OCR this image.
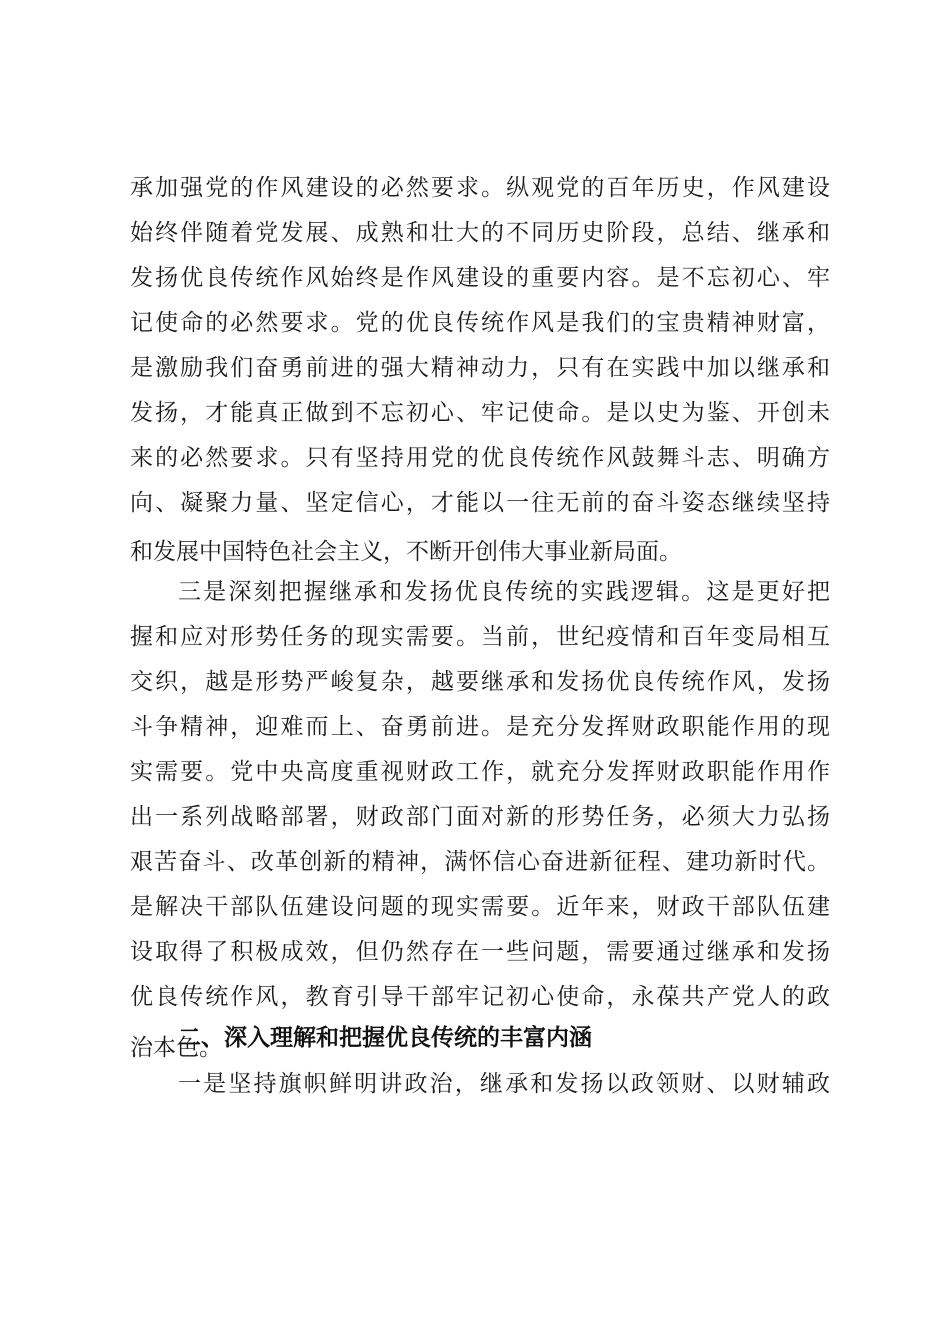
承加强党的作风建设的必然要求。纵观党的百年历史，作风建设
始终伴随着党发展、成熟和壮大的不同历史阶段，总结、继承和
发扬优良传统作风始终是作风建设的重要内容。是不忘初心、牢
记使命的必然要求。党的优良传统作风是我们的宝贵精神财富，
是激励我们奋勇前进的强大精神动力，只有在实践中加以继承和
发扬，才能真正做到不忘初心、牢记使命。是以史为鉴、开创未
来的必然要求。只有坚持用党的优良传统作风鼓舞斗志、明确方
向、凝聚力量、坚定信心，才能以一往无前的奋斗姿态继续坚持
和发展中国特色社会主义，不断开创伟大事业新局面。
三是深刻把握继承和发扬优良传统的实践逻辑。这是更好把
握和应对形势任务的现实需要。当前，世纪疫情和百年变局相互
交织，越是形势严峻复杂，越要继承和发扬优良传统作风，发扬
斗争精神，迎难而上、奋勇前进。是充分发挥财政职能作用的现
实需要。党中央高度重视财政工作，就充分发挥财政职能作用作
出一系列战略部署，财政部门面对新的形势任务，必须大力弘扬
艰苦奋斗、改革创新的精神，满怀信心奋进新征程、建功新时代。
是解决干部队伍建设问题的现实需要。近年来，财政干部队伍建
设取得了积极成效，但仍然存在一些问题，需要通过继承和发扬
优良传统作风，教育引导干部牢记初心使命，永葆共产党人的政
治本色。
二、深入理解和把握优良传统的丰富内涵
一是坚持旗帜鲜明讲政治，继承和发扬以政领财、以财辅政
